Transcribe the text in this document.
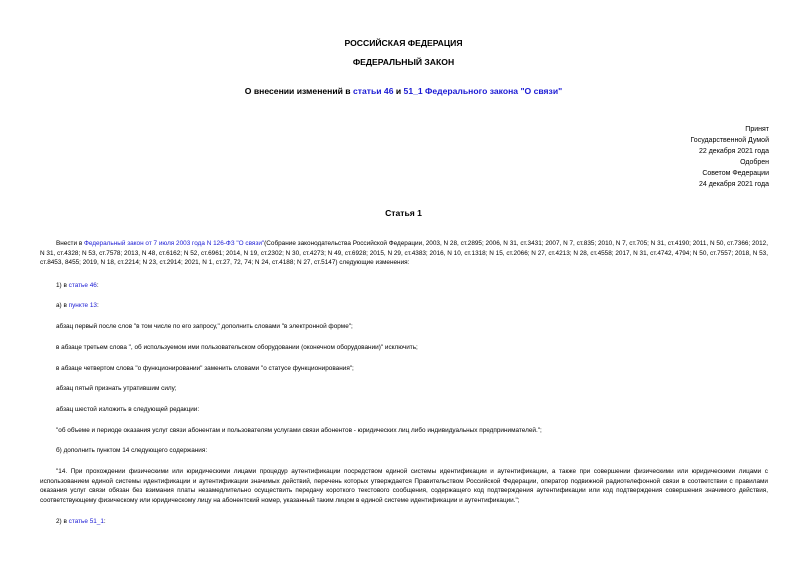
РОССИЙСКАЯ ФЕДЕРАЦИЯ
ФЕДЕРАЛЬНЫЙ ЗАКОН
О внесении изменений в статьи 46 и 51_1 Федерального закона "О связи"
Принят
Государственной Думой
22 декабря 2021 года
Одобрен
Советом Федерации
24 декабря 2021 года
Статья 1
Внести в Федеральный закон от 7 июля 2003 года N 126-ФЗ "О связи"(Собрание законодательства Российской Федерации, 2003, N 28, ст.2895; 2006, N 31, ст.3431; 2007, N 7, ст.835; 2010, N 7, ст.705; N 31, ст.4190; 2011, N 50, ст.7366; 2012, N 31, ст.4328; N 53, ст.7578; 2013, N 48, ст.6162; N 52, ст.6961; 2014, N 19, ст.2302; N 30, ст.4273; N 49, ст.6928; 2015, N 29, ст.4383; 2016, N 10, ст.1318; N 15, ст.2066; N 27, ст.4213; N 28, ст.4558; 2017, N 31, ст.4742, 4794; N 50, ст.7557; 2018, N 53, ст.8453, 8455; 2019, N 18, ст.2214; N 23, ст.2914; 2021, N 1, ст.27, 72, 74; N 24, ст.4188; N 27, ст.5147) следующие изменения:
1) в статье 46:
а) в пункте 13:
абзац первый после слов "в том числе по его запросу," дополнить словами "в электронной форме";
в абзаце третьем слова ", об используемом ими пользовательском оборудовании (оконечном оборудовании)" исключить;
в абзаце четвертом слова "о функционировании" заменить словами "о статусе функционирования";
абзац пятый признать утратившим силу;
абзац шестой изложить в следующей редакции:
"об объеме и периоде оказания услуг связи абонентам и пользователям услугами связи абонентов - юридических лиц либо индивидуальных предпринимателей.";
б) дополнить пунктом 14 следующего содержания:
"14. При прохождении физическими или юридическими лицами процедур аутентификации посредством единой системы идентификации и аутентификации, а также при совершении физическими или юридическими лицами с использованием единой системы идентификации и аутентификации значимых действий, перечень которых утверждается Правительством Российской Федерации, оператор подвижной радиотелефонной связи в соответствии с правилами оказания услуг связи обязан без взимания платы незамедлительно осуществить передачу короткого текстового сообщения, содержащего код подтверждения аутентификации или код подтверждения совершения значимого действия, соответствующему физическому или юридическому лицу на абонентский номер, указанный таким лицом в единой системе идентификации и аутентификации.";
2) в статье 51_1:
